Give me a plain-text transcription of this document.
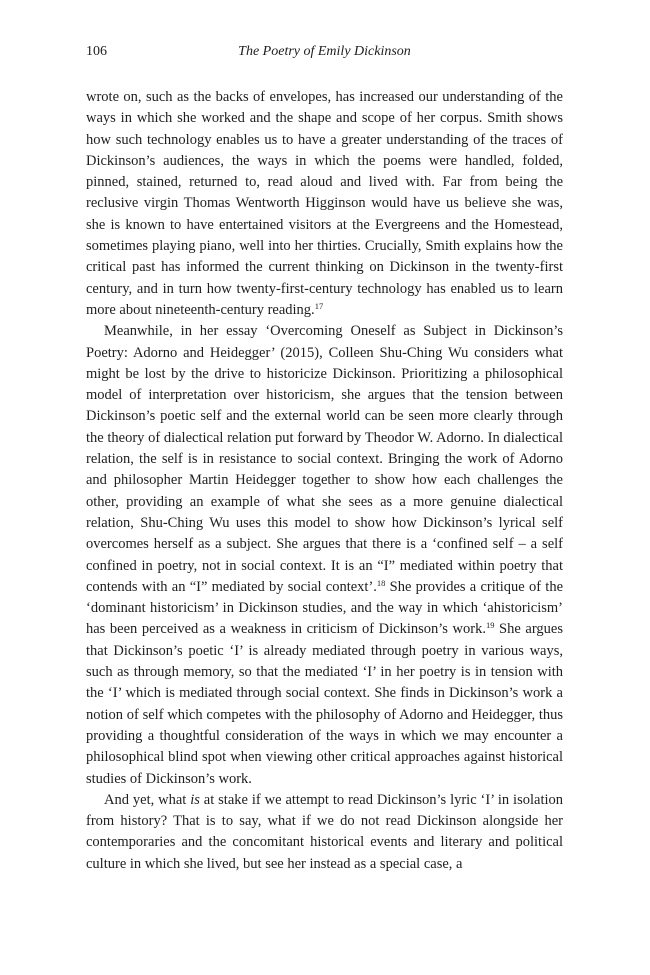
106	The Poetry of Emily Dickinson

wrote on, such as the backs of envelopes, has increased our understanding of the ways in which she worked and the shape and scope of her corpus. Smith shows how such technology enables us to have a greater understanding of the traces of Dickinson’s audiences, the ways in which the poems were handled, folded, pinned, stained, returned to, read aloud and lived with. Far from being the reclusive virgin Thomas Wentworth Higginson would have us believe she was, she is known to have entertained visitors at the Evergreens and the Homestead, sometimes playing piano, well into her thirties. Crucially, Smith explains how the critical past has informed the current thinking on Dickinson in the twenty-first century, and in turn how twenty-first-century technology has enabled us to learn more about nineteenth-century reading.$^{17}$

Meanwhile, in her essay ‘Overcoming Oneself as Subject in Dickinson’s Poetry: Adorno and Heidegger’ (2015), Colleen Shu-Ching Wu considers what might be lost by the drive to historicize Dickinson. Prioritizing a philosophical model of interpretation over historicism, she argues that the tension between Dickinson’s poetic self and the external world can be seen more clearly through the theory of dialectical relation put forward by Theodor W. Adorno. In dialectical relation, the self is in resistance to social context. Bringing the work of Adorno and philosopher Martin Heidegger together to show how each challenges the other, providing an example of what she sees as a more genuine dialectical relation, Shu-Ching Wu uses this model to show how Dickinson’s lyrical self overcomes herself as a subject. She argues that there is a ‘confined self – a self confined in poetry, not in social context. It is an “I” mediated within poetry that contends with an “I” mediated by social context’.$^{18}$ She provides a critique of the ‘dominant historicism’ in Dickinson studies, and the way in which ‘ahistoricism’ has been perceived as a weakness in criticism of Dickinson’s work.$^{19}$ She argues that Dickinson’s poetic ‘I’ is already mediated through poetry in various ways, such as through memory, so that the mediated ‘I’ in her poetry is in tension with the ‘I’ which is mediated through social context. She finds in Dickinson’s work a notion of self which competes with the philosophy of Adorno and Heidegger, thus providing a thoughtful consideration of the ways in which we may encounter a philosophical blind spot when viewing other critical approaches against historical studies of Dickinson’s work.

And yet, what is at stake if we attempt to read Dickinson’s lyric ‘I’ in isolation from history? That is to say, what if we do not read Dickinson alongside her contemporaries and the concomitant historical events and literary and political culture in which she lived, but see her instead as a special case, a
